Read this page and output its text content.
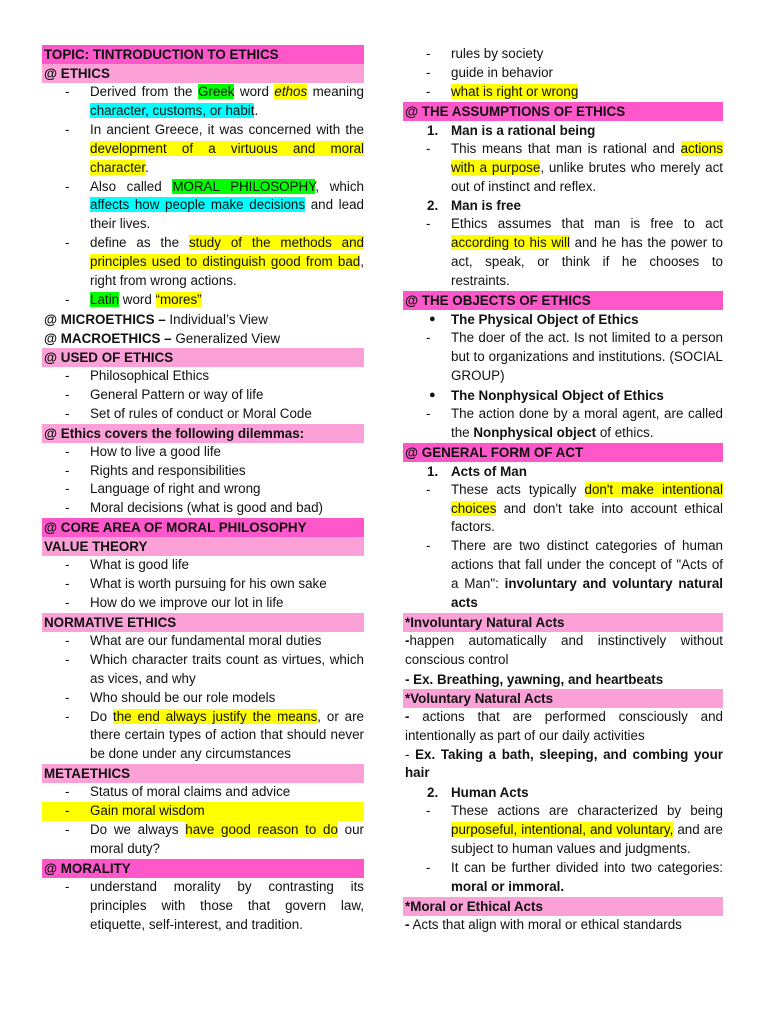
TOPIC: TINTRODUCTION TO ETHICS
@ ETHICS
- Derived from the Greek word ethos meaning character, customs, or habit.
- In ancient Greece, it was concerned with the development of a virtuous and moral character.
- Also called MORAL PHILOSOPHY, which affects how people make decisions and lead their lives.
- define as the study of the methods and principles used to distinguish good from bad, right from wrong actions.
- Latin word “mores”
@ MICROETHICS – Individual’s View
@ MACROETHICS – Generalized View
@ USED OF ETHICS
- Philosophical Ethics
- General Pattern or way of life
- Set of rules of conduct or Moral Code
@ Ethics covers the following dilemmas:
- How to live a good life
- Rights and responsibilities
- Language of right and wrong
- Moral decisions (what is good and bad)
@ CORE AREA OF MORAL PHILOSOPHY
VALUE THEORY
- What is good life
- What is worth pursuing for his own sake
- How do we improve our lot in life
NORMATIVE ETHICS
- What are our fundamental moral duties
- Which character traits count as virtues, which as vices, and why
- Who should be our role models
- Do the end always justify the means, or are there certain types of action that should never be done under any circumstances
METAETHICS
- Status of moral claims and advice
- Gain moral wisdom
- Do we always have good reason to do our moral duty?
@ MORALITY
- understand morality by contrasting its principles with those that govern law, etiquette, self-interest, and tradition.
- rules by society
- guide in behavior
- what is right or wrong
@ THE ASSUMPTIONS OF ETHICS
1. Man is a rational being
- This means that man is rational and actions with a purpose, unlike brutes who merely act out of instinct and reflex.
2. Man is free
- Ethics assumes that man is free to act according to his will and he has the power to act, speak, or think if he chooses to restraints.
@ THE OBJECTS OF ETHICS
● The Physical Object of Ethics
- The doer of the act. Is not limited to a person but to organizations and institutions. (SOCIAL GROUP)
● The Nonphysical Object of Ethics
- The action done by a moral agent, are called the Nonphysical object of ethics.
@ GENERAL FORM OF ACT
1. Acts of Man
- These acts typically don't make intentional choices and don't take into account ethical factors.
- There are two distinct categories of human actions that fall under the concept of "Acts of a Man": involuntary and voluntary natural acts
*Involuntary Natural Acts
-happen automatically and instinctively without conscious control
- Ex. Breathing, yawning, and heartbeats
*Voluntary Natural Acts
- actions that are performed consciously and intentionally as part of our daily activities
- Ex. Taking a bath, sleeping, and combing your hair
2. Human Acts
- These actions are characterized by being purposeful, intentional, and voluntary, and are subject to human values and judgments.
- It can be further divided into two categories: moral or immoral.
*Moral or Ethical Acts
- Acts that align with moral or ethical standards
